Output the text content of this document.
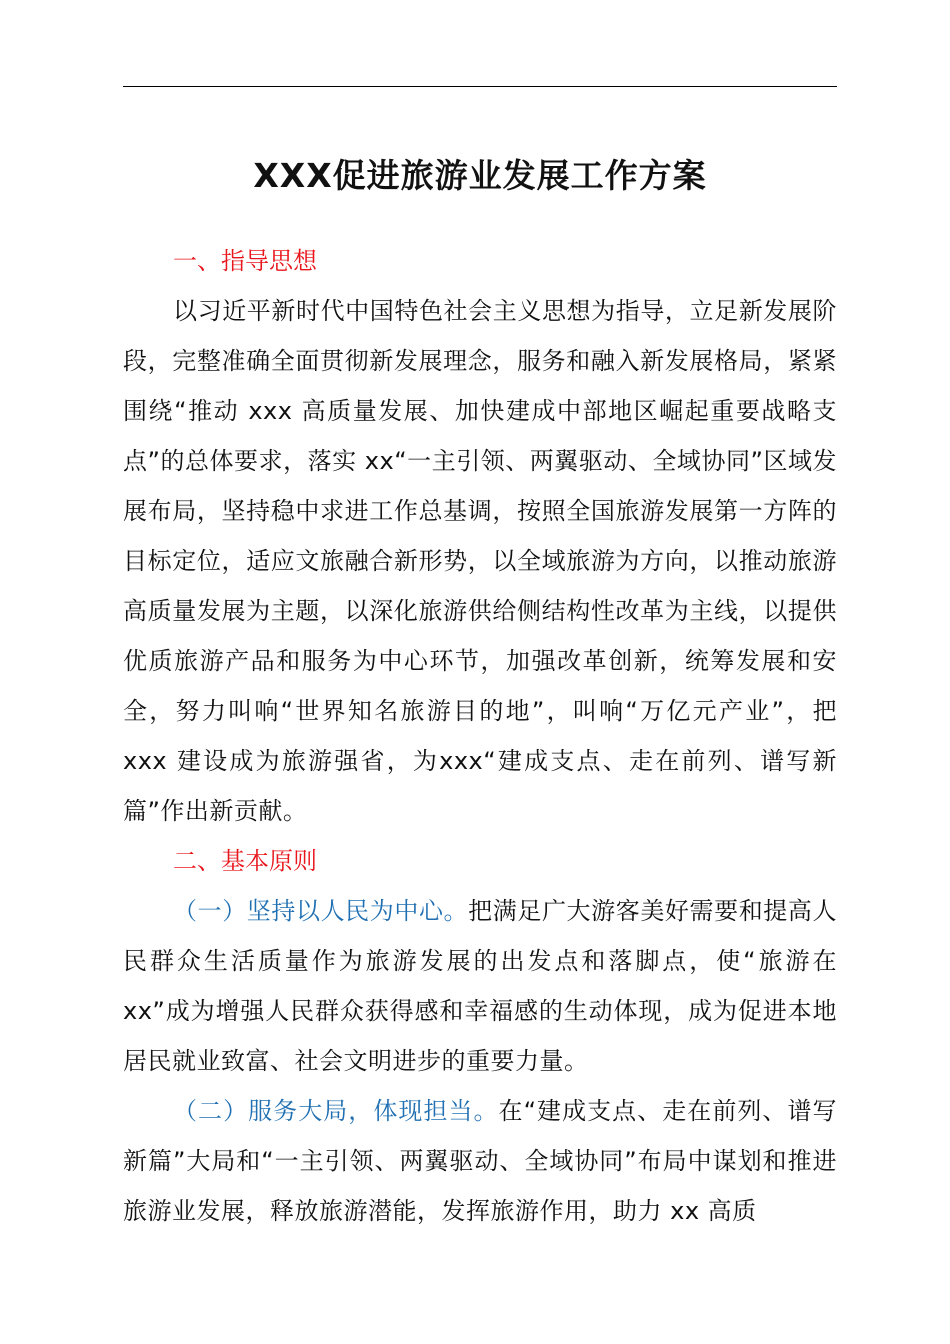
XXX促进旅游业发展工作方案

一、指导思想

以习近平新时代中国特色社会主义思想为指导，立足新发展阶段，完整准确全面贯彻新发展理念，服务和融入新发展格局，紧紧围绕“推动 xxx 高质量发展、加快建成中部地区崛起重要战略支点”的总体要求，落实 xx“一主引领、两翼驱动、全域协同”区域发展布局，坚持稳中求进工作总基调，按照全国旅游发展第一方阵的目标定位，适应文旅融合新形势，以全域旅游为方向，以推动旅游高质量发展为主题，以深化旅游供给侧结构性改革为主线，以提供优质旅游产品和服务为中心环节，加强改革创新，统筹发展和安全，努力叫响“世界知名旅游目的地”，叫响“万亿元产业”，把 xxx 建设成为旅游强省，为xxx“建成支点、走在前列、谱写新篇”作出新贡献。

二、基本原则

（一）坚持以人民为中心。把满足广大游客美好需要和提高人民群众生活质量作为旅游发展的出发点和落脚点，使“旅游在 xx”成为增强人民群众获得感和幸福感的生动体现，成为促进本地居民就业致富、社会文明进步的重要力量。

（二）服务大局，体现担当。在“建成支点、走在前列、谱写新篇”大局和“一主引领、两翼驱动、全域协同”布局中谋划和推进旅游业发展，释放旅游潜能，发挥旅游作用，助力 xx 高质
